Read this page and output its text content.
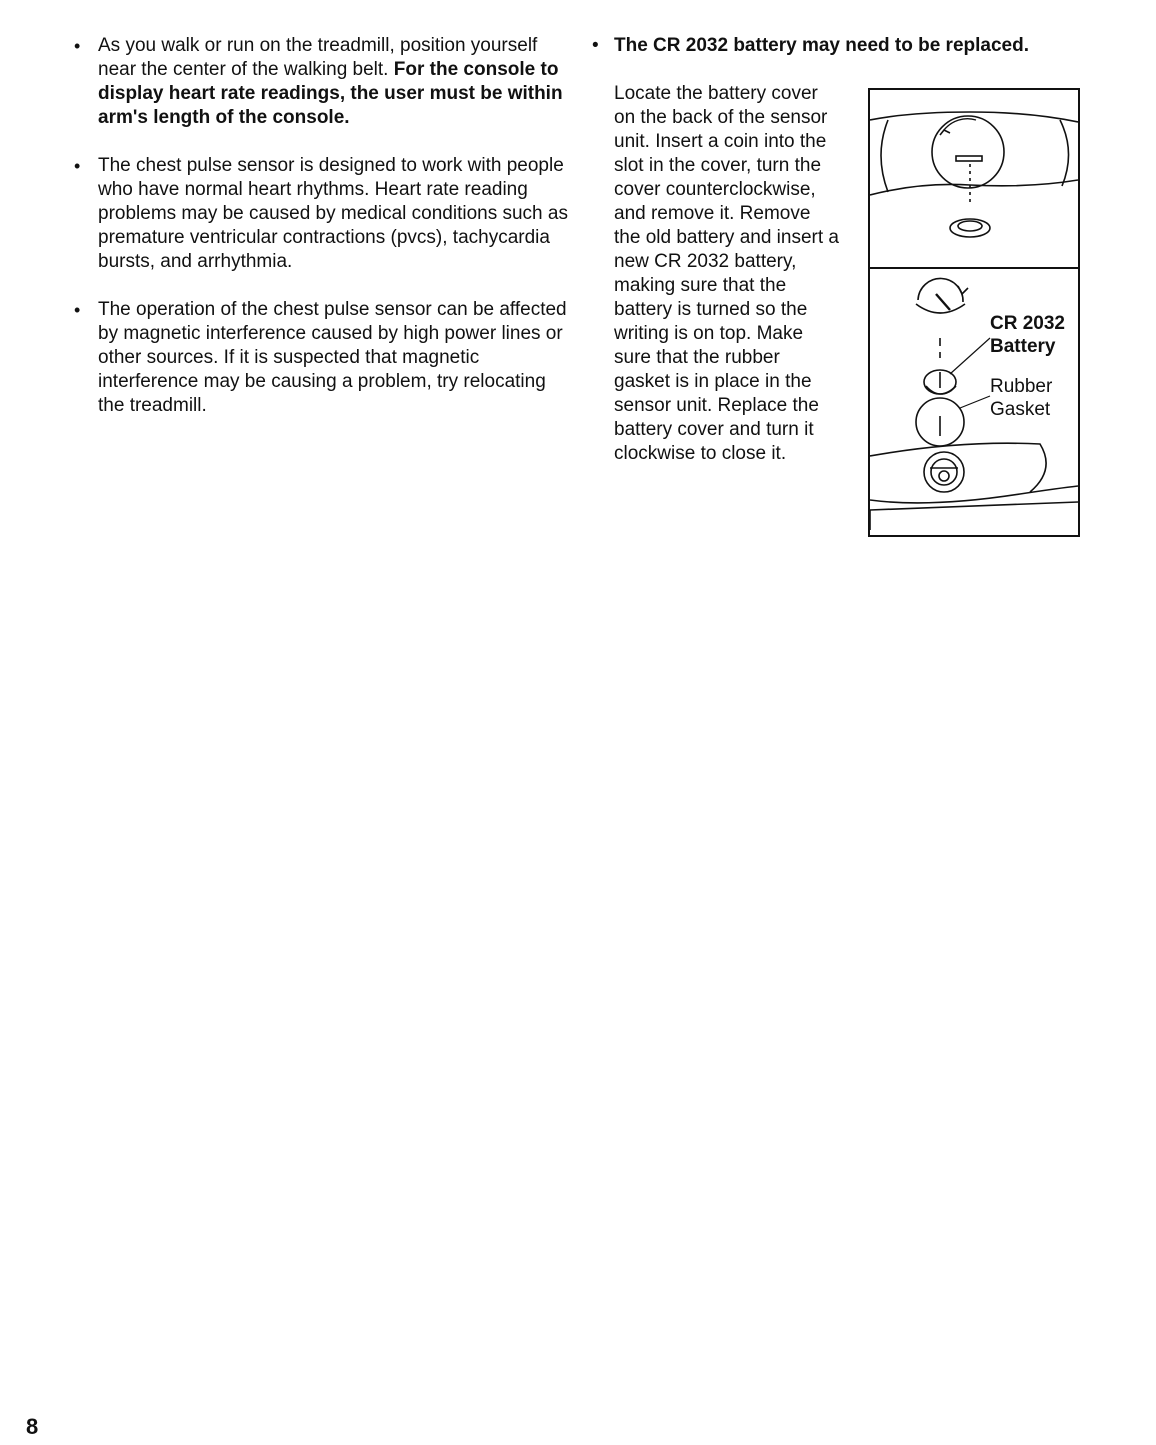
• As you walk or run on the treadmill, position yourself near the center of the walking belt. For the console to display heart rate readings, the user must be within arm's length of the console.
• The chest pulse sensor is designed to work with people who have normal heart rhythms. Heart rate reading problems may be caused by medical conditions such as premature ventricular contractions (pvcs), tachycardia bursts, and arrhythmia.
• The operation of the chest pulse sensor can be affected by magnetic interference caused by high power lines or other sources. If it is suspected that magnetic interference may be causing a problem, try relocating the treadmill.
• The CR 2032 battery may need to be replaced.

Locate the battery cover on the back of the sensor unit. Insert a coin into the slot in the cover, turn the cover counterclockwise, and remove it. Remove the old battery and insert a new CR 2032 battery, making sure that the battery is turned so the writing is on top. Make sure that the rubber gasket is in place in the sensor unit. Replace the battery cover and turn it clockwise to close it.

CR 2032
Battery
Rubber
Gasket
8
